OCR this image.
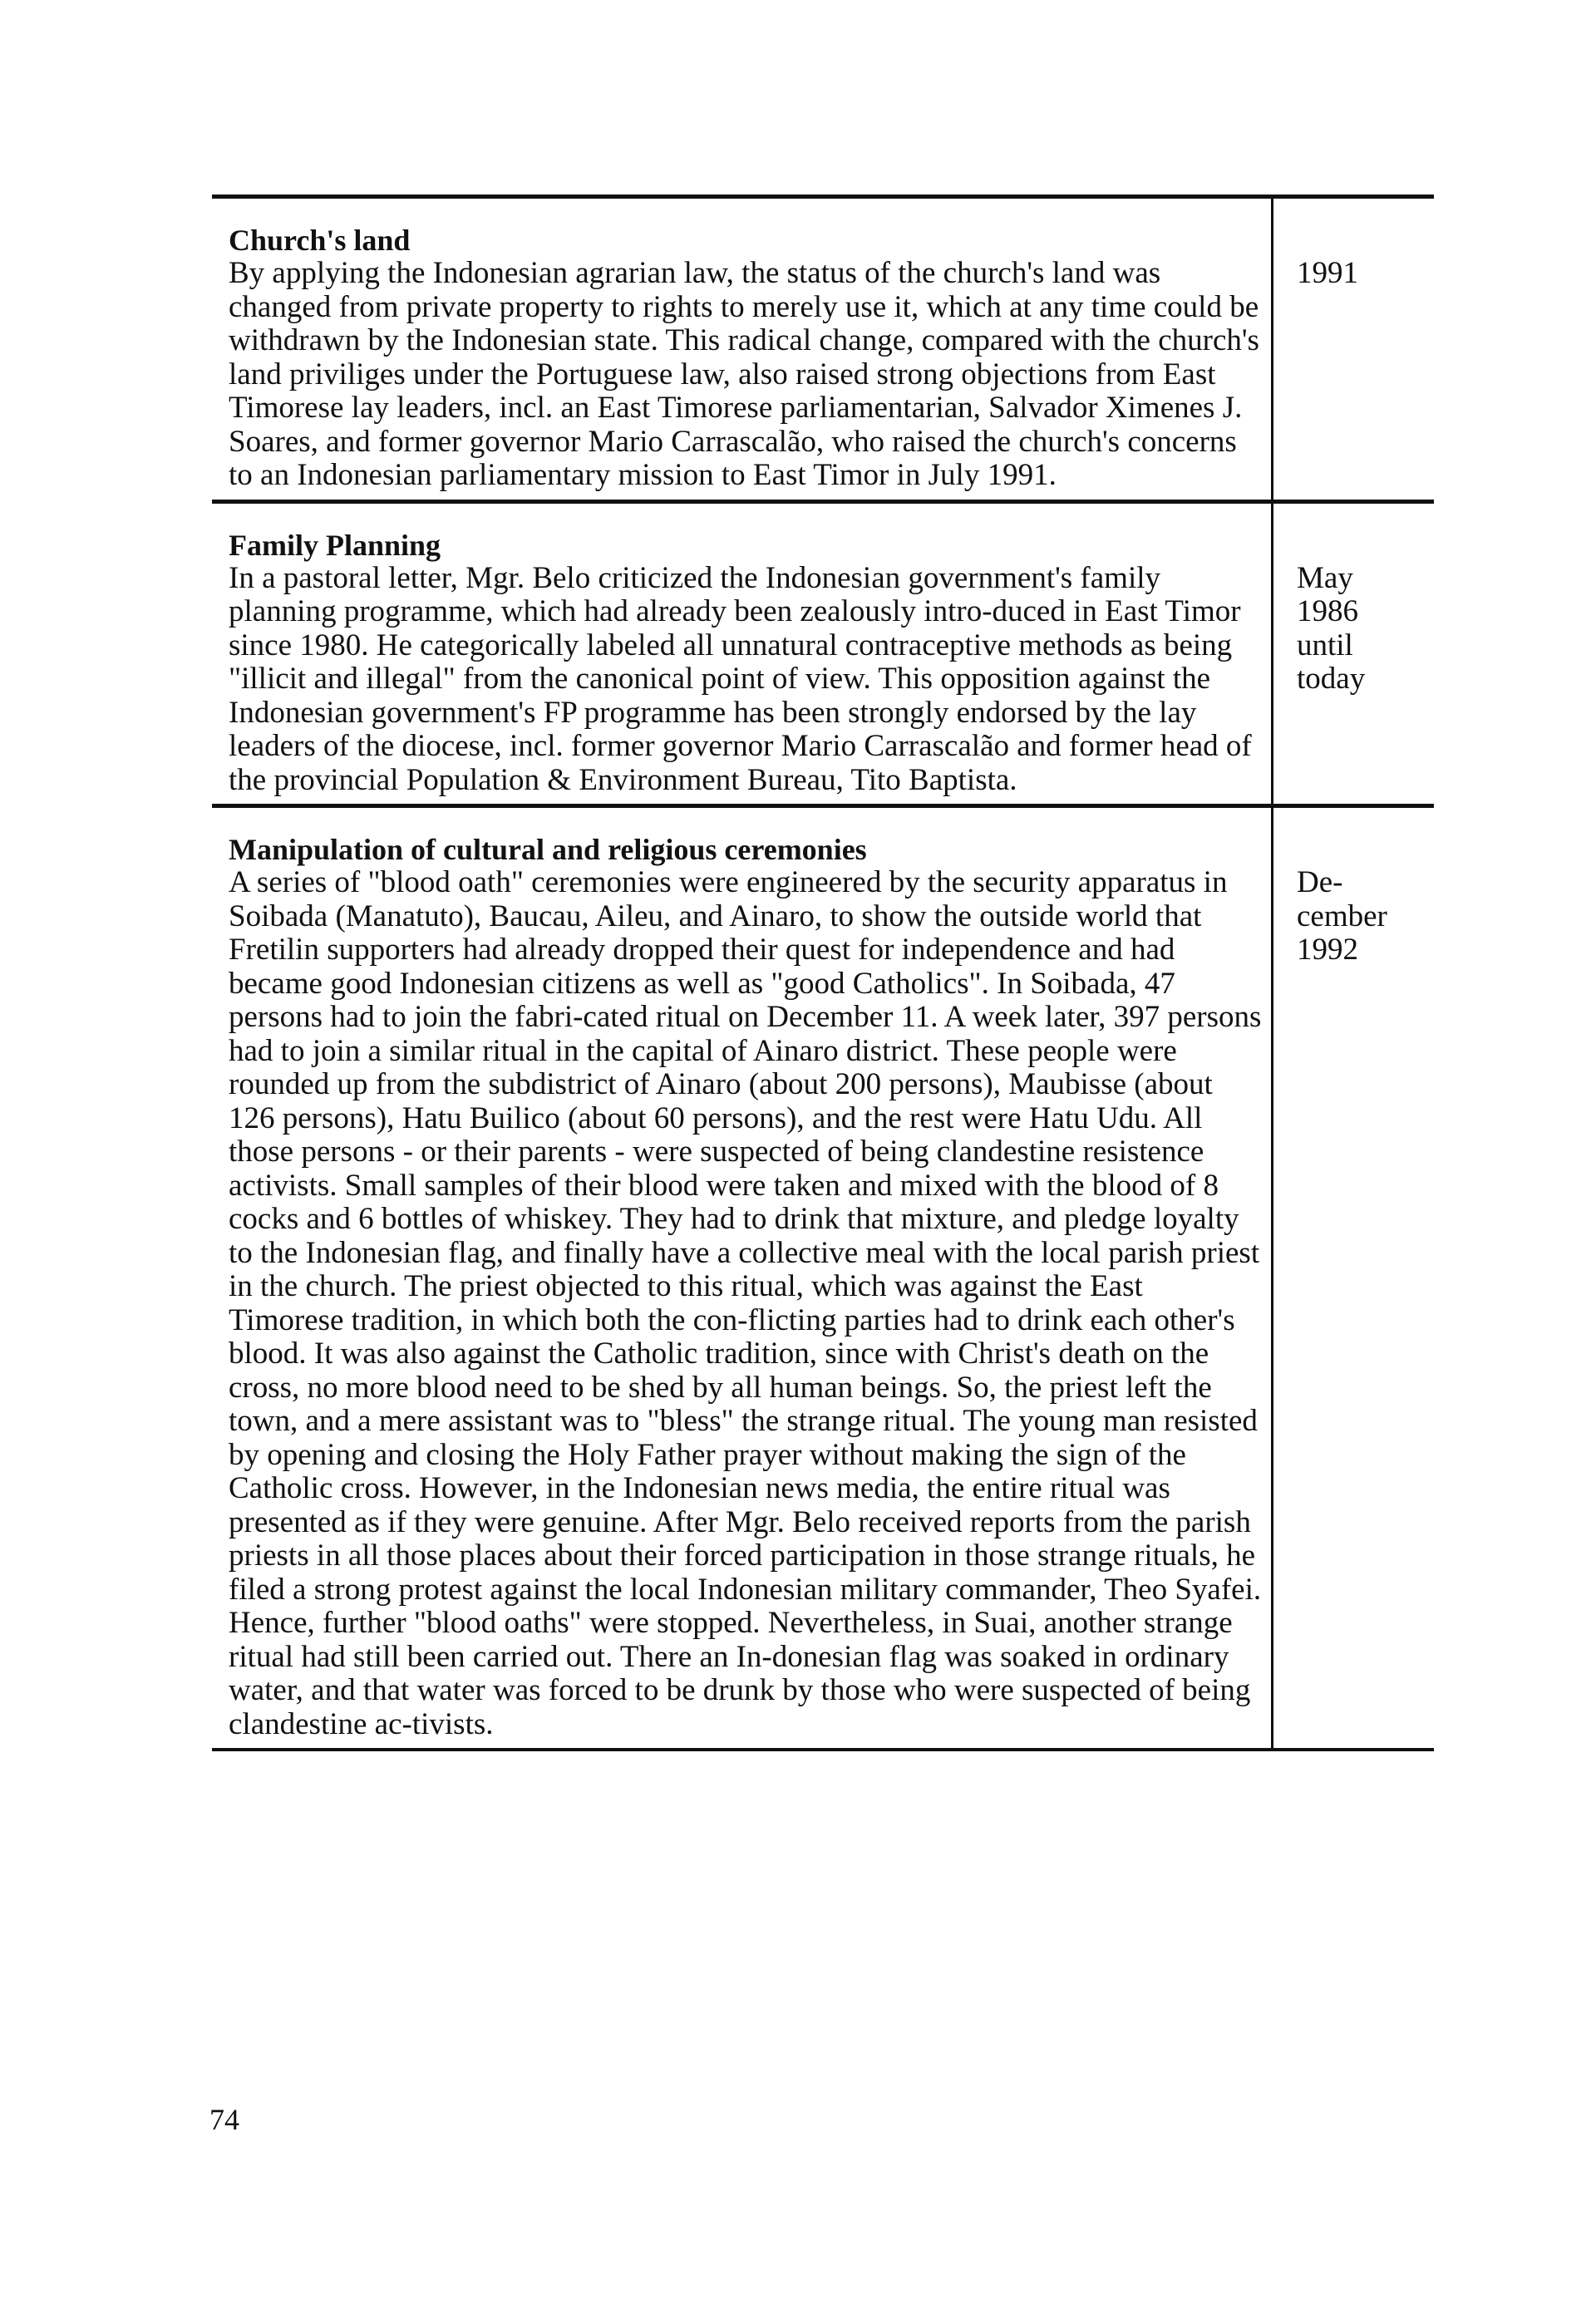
Church's land

By applying the Indonesian agrarian law, the status of the church's land was changed from private property to rights to merely use it, which at any time could be withdrawn by the Indonesian state. This radical change, compared with the church's land priviliges under the Portuguese law, also raised strong objections from East Timorese lay leaders, incl. an East Timorese parliamentarian, Salvador Ximenes J. Soares, and former governor Mario Carrascalão, who raised the church's concerns to an Indonesian parliamentary mission to East Timor in July 1991.

1991

Family Planning

In a pastoral letter, Mgr. Belo criticized the Indonesian government's family planning programme, which had already been zealously intro-duced in East Timor since 1980. He categorically labeled all unnatural contraceptive methods as being "illicit and illegal" from the canonical point of view. This opposition against the Indonesian government's FP programme has been strongly endorsed by the lay leaders of the diocese, incl. former governor Mario Carrascalão and former head of the provincial Population & Environment Bureau, Tito Baptista.

May
1986
until
today

Manipulation of cultural and religious ceremonies

A series of "blood oath" ceremonies were engineered by the security apparatus in Soibada (Manatuto), Baucau, Aileu, and Ainaro, to show the outside world that Fretilin supporters had already dropped their quest for independence and had became good Indonesian citizens as well as "good Catholics". In Soibada, 47 persons had to join the fabri-cated ritual on December 11. A week later, 397 persons had to join a similar ritual in the capital of Ainaro district. These people were rounded up from the subdistrict of Ainaro (about 200 persons), Maubisse (about 126 persons), Hatu Builico (about 60 persons), and the rest were Hatu Udu. All those persons - or their parents - were suspected of being clandestine resistence activists. Small samples of their blood were taken and mixed with the blood of 8 cocks and 6 bottles of whiskey. They had to drink that mixture, and pledge loyalty to the Indonesian flag, and finally have a collective meal with the local parish priest in the church. The priest objected to this ritual, which was against the East Timorese tradition, in which both the con-flicting parties had to drink each other's blood. It was also against the Catholic tradition, since with Christ's death on the cross, no more blood need to be shed by all human beings. So, the priest left the town, and a mere assistant was to "bless" the strange ritual. The young man resisted by opening and closing the Holy Father prayer without making the sign of the Catholic cross. However, in the Indonesian news media, the entire ritual was presented as if they were genuine. After Mgr. Belo received reports from the parish priests in all those places about their forced participation in those strange rituals, he filed a strong protest against the local Indonesian military commander, Theo Syafei. Hence, further "blood oaths" were stopped. Nevertheless, in Suai, another strange ritual had still been carried out. There an In-donesian flag was soaked in ordinary water, and that water was forced to be drunk by those who were suspected of being clandestine ac-tivists.

De-
cember
1992
74
